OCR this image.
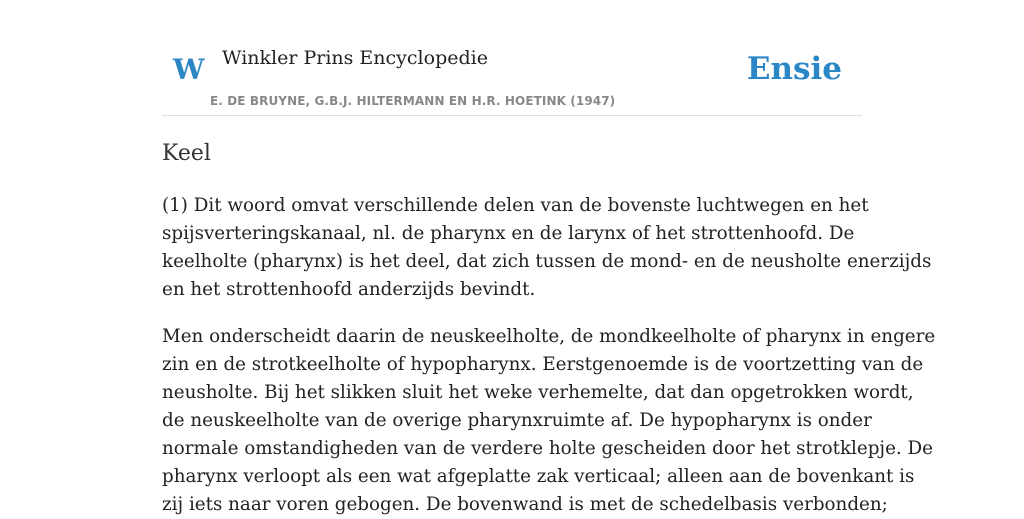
W Winkler Prins Encyclopedie
E. DE BRUYNE, G.B.J. HILTERMANN EN H.R. HOETINK (1947)
Ensie
Keel

(1) Dit woord omvat verschillende delen van de bovenste luchtwegen en het
spijsverteringskanaal, nl. de pharynx en de larynx of het strottenhoofd. De
keelholte (pharynx) is het deel, dat zich tussen de mond- en de neusholte enerzijds
en het strottenhoofd anderzijds bevindt.

Men onderscheidt daarin de neuskeelholte, de mondkeelholte of pharynx in engere
zin en de strotkeelholte of hypopharynx. Eerstgenoemde is de voortzetting van de
neusholte. Bij het slikken sluit het weke verhemelte, dat dan opgetrokken wordt,
de neuskeelholte van de overige pharynxruimte af. De hypopharynx is onder
normale omstandigheden van de verdere holte gescheiden door het strotklepje. De
pharynx verloopt als een wat afgeplatte zak verticaal; alleen aan de bovenkant is
zij iets naar voren gebogen. De bovenwand is met de schedelbasis verbonden;
